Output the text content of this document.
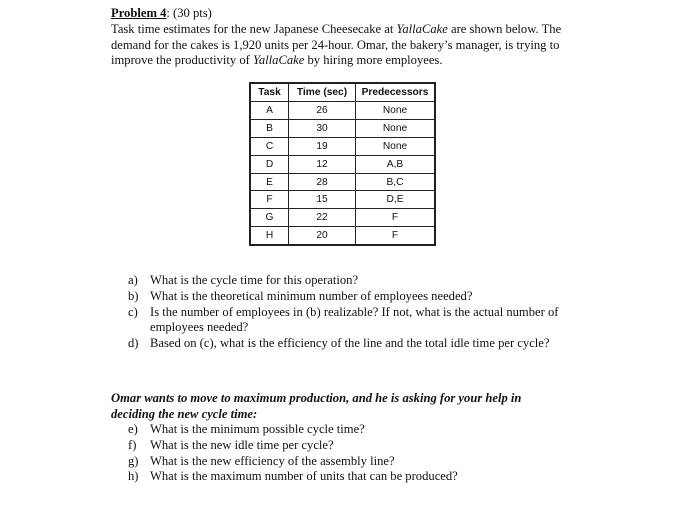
Problem 4: (30 pts)
Task time estimates for the new Japanese Cheesecake at YallaCake are shown below. The demand for the cakes is 1,920 units per 24-hour. Omar, the bakery’s manager, is trying to improve the productivity of YallaCake by hiring more employees.

Task	Time (sec)	Predecessors
A	26	None
B	30	None
C	19	None
D	12	A,B
E	28	B,C
F	15	D,E
G	22	F
H	20	F
a) What is the cycle time for this operation?
b) What is the theoretical minimum number of employees needed?
c) Is the number of employees in (b) realizable? If not, what is the actual number of employees needed?
d) Based on (c), what is the efficiency of the line and the total idle time per cycle?

Omar wants to move to maximum production, and he is asking for your help in deciding the new cycle time:

e) What is the minimum possible cycle time?
f) What is the new idle time per cycle?
g) What is the new efficiency of the assembly line?
h) What is the maximum number of units that can be produced?
